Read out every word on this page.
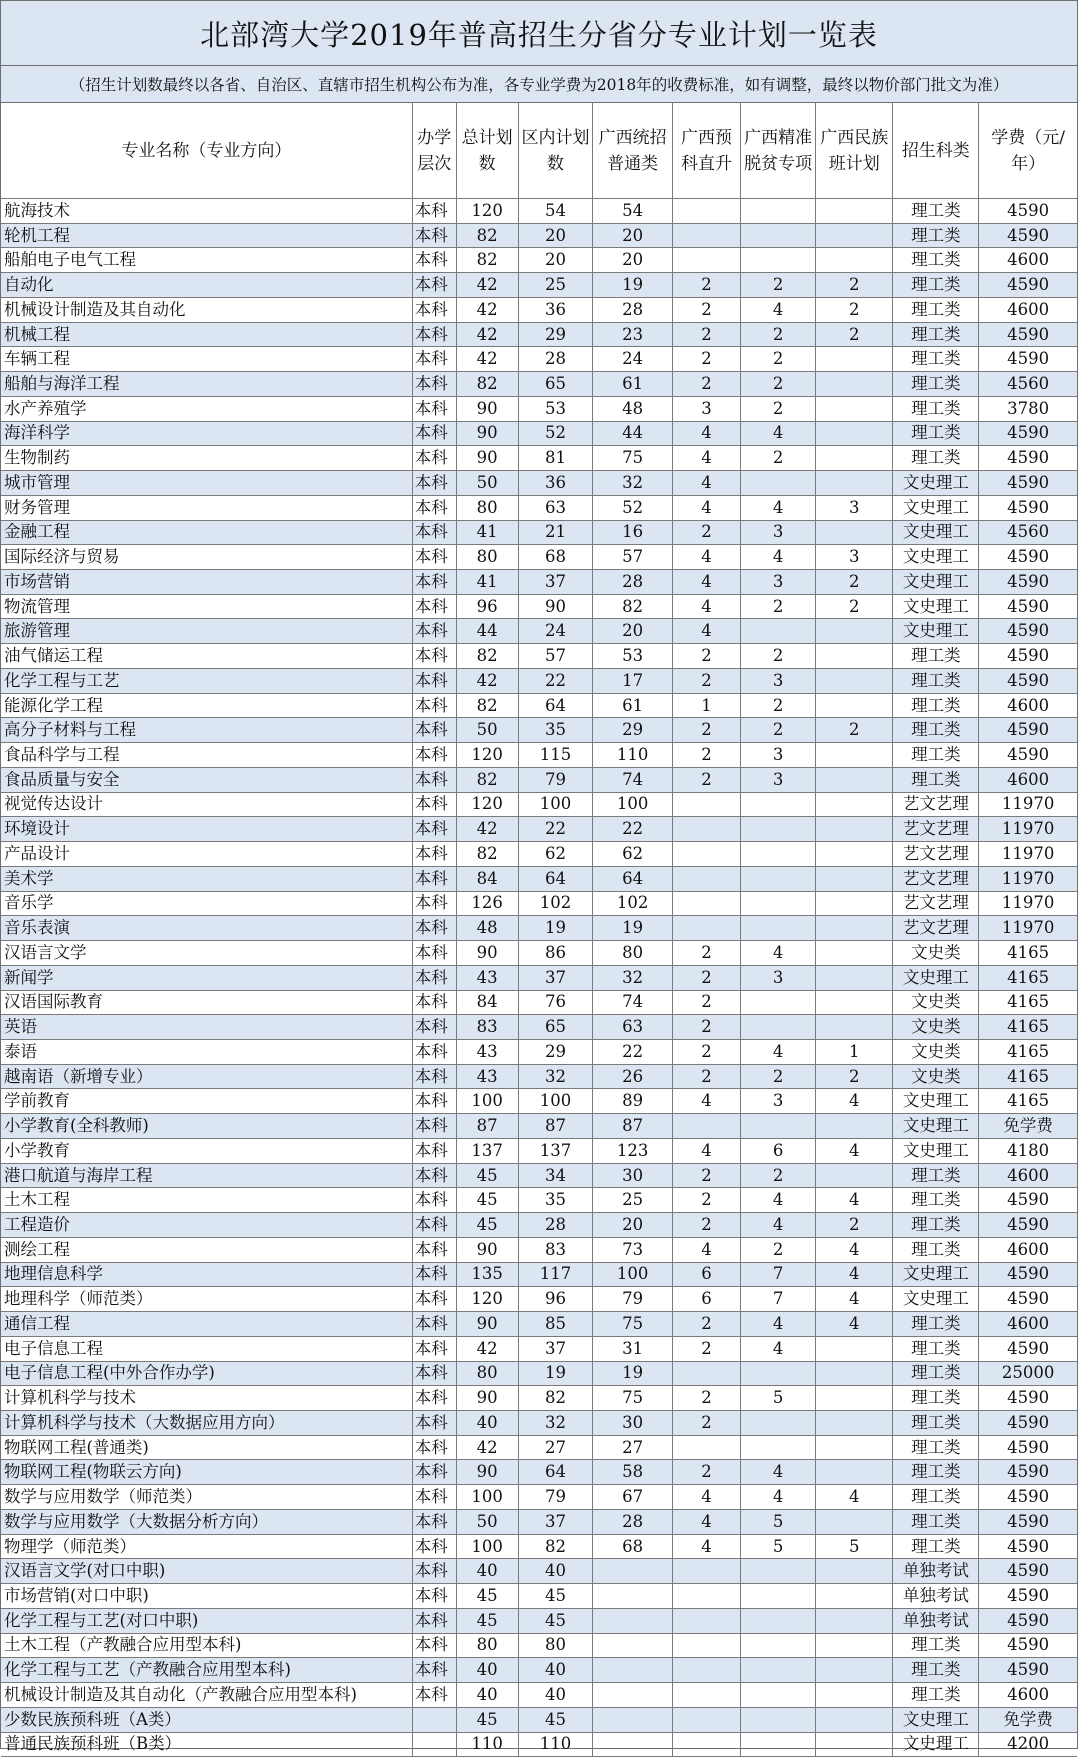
北部湾大学2019年普高招生分省分专业计划一览表
（招生计划数最终以各省、自治区、直辖市招生机构公布为准，各专业学费为2018年的收费标准，如有调整，最终以物价部门批文为准）
专业名称（专业方向）	办学层次	总计划数	区内计划数	广西统招普通类	广西预科直升	广西精准脱贫专项	广西民族班计划	招生科类	学费（元/年）
航海技术	本科	120	54	54				理工类	4590
轮机工程	本科	82	20	20				理工类	4590
船舶电子电气工程	本科	82	20	20				理工类	4600
自动化	本科	42	25	19	2	2	2	理工类	4590
机械设计制造及其自动化	本科	42	36	28	2	4	2	理工类	4600
机械工程	本科	42	29	23	2	2	2	理工类	4590
车辆工程	本科	42	28	24	2	2		理工类	4590
船舶与海洋工程	本科	82	65	61	2	2		理工类	4560
水产养殖学	本科	90	53	48	3	2		理工类	3780
海洋科学	本科	90	52	44	4	4		理工类	4590
生物制药	本科	90	81	75	4	2		理工类	4590
城市管理	本科	50	36	32	4			文史理工	4590
财务管理	本科	80	63	52	4	4	3	文史理工	4590
金融工程	本科	41	21	16	2	3		文史理工	4560
国际经济与贸易	本科	80	68	57	4	4	3	文史理工	4590
市场营销	本科	41	37	28	4	3	2	文史理工	4590
物流管理	本科	96	90	82	4	2	2	文史理工	4590
旅游管理	本科	44	24	20	4			文史理工	4590
油气储运工程	本科	82	57	53	2	2		理工类	4590
化学工程与工艺	本科	42	22	17	2	3		理工类	4590
能源化学工程	本科	82	64	61	1	2		理工类	4600
高分子材料与工程	本科	50	35	29	2	2	2	理工类	4590
食品科学与工程	本科	120	115	110	2	3		理工类	4590
食品质量与安全	本科	82	79	74	2	3		理工类	4600
视觉传达设计	本科	120	100	100				艺文艺理	11970
环境设计	本科	42	22	22				艺文艺理	11970
产品设计	本科	82	62	62				艺文艺理	11970
美术学	本科	84	64	64				艺文艺理	11970
音乐学	本科	126	102	102				艺文艺理	11970
音乐表演	本科	48	19	19				艺文艺理	11970
汉语言文学	本科	90	86	80	2	4		文史类	4165
新闻学	本科	43	37	32	2	3		文史理工	4165
汉语国际教育	本科	84	76	74	2			文史类	4165
英语	本科	83	65	63	2			文史类	4165
泰语	本科	43	29	22	2	4	1	文史类	4165
越南语（新增专业）	本科	43	32	26	2	2	2	文史类	4165
学前教育	本科	100	100	89	4	3	4	文史理工	4165
小学教育(全科教师)	本科	87	87	87				文史理工	免学费
小学教育	本科	137	137	123	4	6	4	文史理工	4180
港口航道与海岸工程	本科	45	34	30	2	2		理工类	4600
土木工程	本科	45	35	25	2	4	4	理工类	4590
工程造价	本科	45	28	20	2	4	2	理工类	4590
测绘工程	本科	90	83	73	4	2	4	理工类	4600
地理信息科学	本科	135	117	100	6	7	4	文史理工	4590
地理科学（师范类）	本科	120	96	79	6	7	4	文史理工	4590
通信工程	本科	90	85	75	2	4	4	理工类	4600
电子信息工程	本科	42	37	31	2	4		理工类	4590
电子信息工程(中外合作办学)	本科	80	19	19				理工类	25000
计算机科学与技术	本科	90	82	75	2	5		理工类	4590
计算机科学与技术（大数据应用方向）	本科	40	32	30	2			理工类	4590
物联网工程(普通类)	本科	42	27	27				理工类	4590
物联网工程(物联云方向)	本科	90	64	58	2	4		理工类	4590
数学与应用数学（师范类）	本科	100	79	67	4	4	4	理工类	4590
数学与应用数学（大数据分析方向）	本科	50	37	28	4	5		理工类	4590
物理学（师范类）	本科	100	82	68	4	5	5	理工类	4590
汉语言文学(对口中职)	本科	40	40					单独考试	4590
市场营销(对口中职)	本科	45	45					单独考试	4590
化学工程与工艺(对口中职)	本科	45	45					单独考试	4590
土木工程（产教融合应用型本科)	本科	80	80					理工类	4590
化学工程与工艺（产教融合应用型本科)	本科	40	40					理工类	4590
机械设计制造及其自动化（产教融合应用型本科)	本科	40	40					理工类	4600
少数民族预科班（A类）		45	45					文史理工	免学费
普通民族预科班（B类）		110	110					文史理工	4200
